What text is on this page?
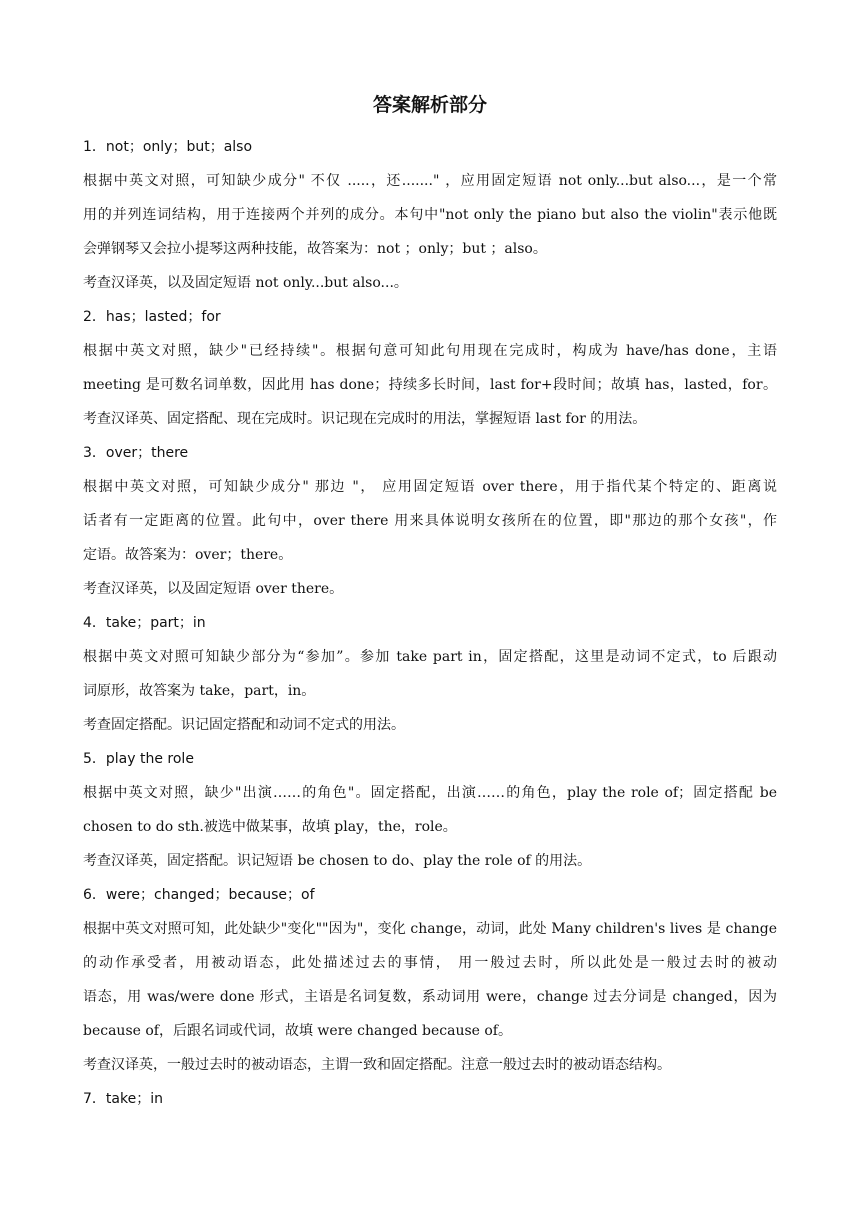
答案解析部分
1．not；only；but；also
根据中英文对照，可知缺少成分" 不仅 .....，还......." ，应用固定短语 not only...but also...，是一个常
用的并列连词结构，用于连接两个并列的成分。本句中"not only the piano but also the violin"表示他既
会弹钢琴又会拉小提琴这两种技能，故答案为：not ；only；but ；also。
考查汉译英，以及固定短语 not only...but also...。
2．has；lasted；for
根据中英文对照，缺少"已经持续"。根据句意可知此句用现在完成时，构成为 have/has done，主语
meeting 是可数名词单数，因此用 has done；持续多长时间，last for+段时间；故填 has，lasted，for。
考查汉译英、固定搭配、现在完成时。识记现在完成时的用法，掌握短语 last for 的用法。
3．over；there
根据中英文对照，可知缺少成分" 那边 "， 应用固定短语 over there，用于指代某个特定的、距离说
话者有一定距离的位置。此句中，over there 用来具体说明女孩所在的位置，即"那边的那个女孩"，作
定语。故答案为：over；there。
考查汉译英，以及固定短语 over there。
4．take；part；in
根据中英文对照可知缺少部分为“参加”。参加 take part in，固定搭配，这里是动词不定式，to 后跟动
词原形，故答案为 take，part，in。
考查固定搭配。识记固定搭配和动词不定式的用法。
5．play the role
根据中英文对照，缺少"出演……的角色"。固定搭配，出演……的角色，play the role of；固定搭配 be
chosen to do sth.被选中做某事，故填 play，the，role。
考查汉译英，固定搭配。识记短语 be chosen to do、play the role of 的用法。
6．were；changed；because；of
根据中英文对照可知，此处缺少"变化""因为"，变化 change，动词，此处 Many children's lives 是 change
的动作承受者，用被动语态，此处描述过去的事情， 用一般过去时，所以此处是一般过去时的被动
语态，用 was/were done 形式，主语是名词复数，系动词用 were，change 过去分词是 changed，因为
because of，后跟名词或代词，故填 were changed because of。
考查汉译英，一般过去时的被动语态，主谓一致和固定搭配。注意一般过去时的被动语态结构。
7．take；in
